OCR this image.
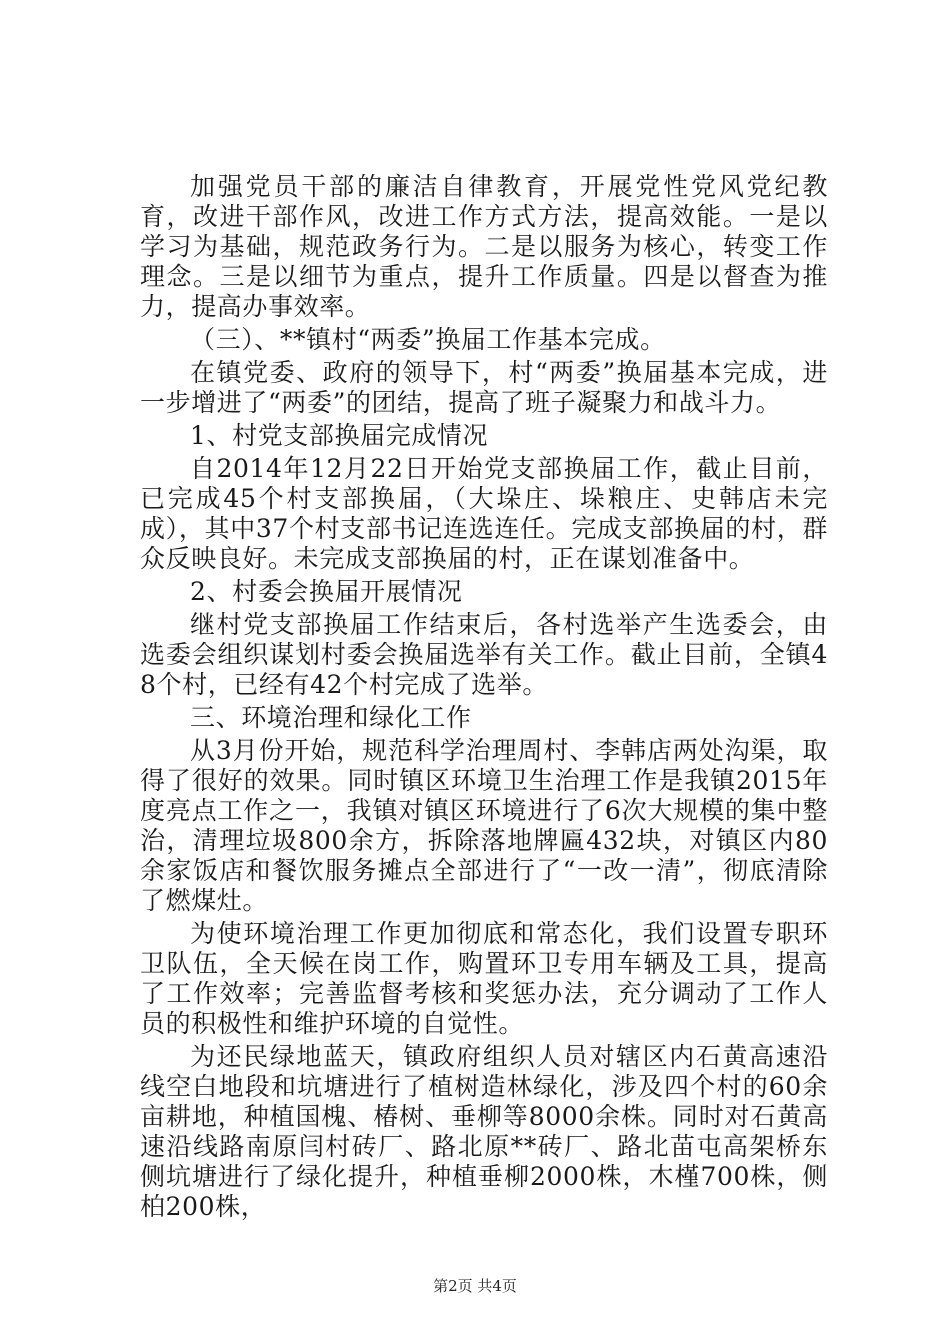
加强党员干部的廉洁自律教育，开展党性党风党纪教育，改进干部作风，改进工作方式方法，提高效能。一是以学习为基础，规范政务行为。二是以服务为核心，转变工作理念。三是以细节为重点，提升工作质量。四是以督查为推力，提高办事效率。

（三）、**镇村“两委”换届工作基本完成。

在镇党委、政府的领导下，村“两委”换届基本完成，进一步增进了“两委”的团结，提高了班子凝聚力和战斗力。

1、村党支部换届完成情况

自2014年12月22日开始党支部换届工作，截止目前，已完成45个村支部换届，（大垛庄、垛粮庄、史韩店未完成），其中37个村支部书记连选连任。完成支部换届的村，群众反映良好。未完成支部换届的村，正在谋划准备中。

2、村委会换届开展情况

继村党支部换届工作结束后，各村选举产生选委会，由选委会组织谋划村委会换届选举有关工作。截止目前，全镇48个村，已经有42个村完成了选举。

三、环境治理和绿化工作

从3月份开始，规范科学治理周村、李韩店两处沟渠，取得了很好的效果。同时镇区环境卫生治理工作是我镇2015年度亮点工作之一，我镇对镇区环境进行了6次大规模的集中整治，清理垃圾800余方，拆除落地牌匾432块，对镇区内80余家饭店和餐饮服务摊点全部进行了“一改一清”，彻底清除了燃煤灶。

为使环境治理工作更加彻底和常态化，我们设置专职环卫队伍，全天候在岗工作，购置环卫专用车辆及工具，提高了工作效率；完善监督考核和奖惩办法，充分调动了工作人员的积极性和维护环境的自觉性。

为还民绿地蓝天，镇政府组织人员对辖区内石黄高速沿线空白地段和坑塘进行了植树造林绿化，涉及四个村的60余亩耕地，种植国槐、椿树、垂柳等8000余株。同时对石黄高速沿线路南原闫村砖厂、路北原**砖厂、路北苗屯高架桥东侧坑塘进行了绿化提升，种植垂柳2000株，木槿700株，侧柏200株，

第2页 共4页
